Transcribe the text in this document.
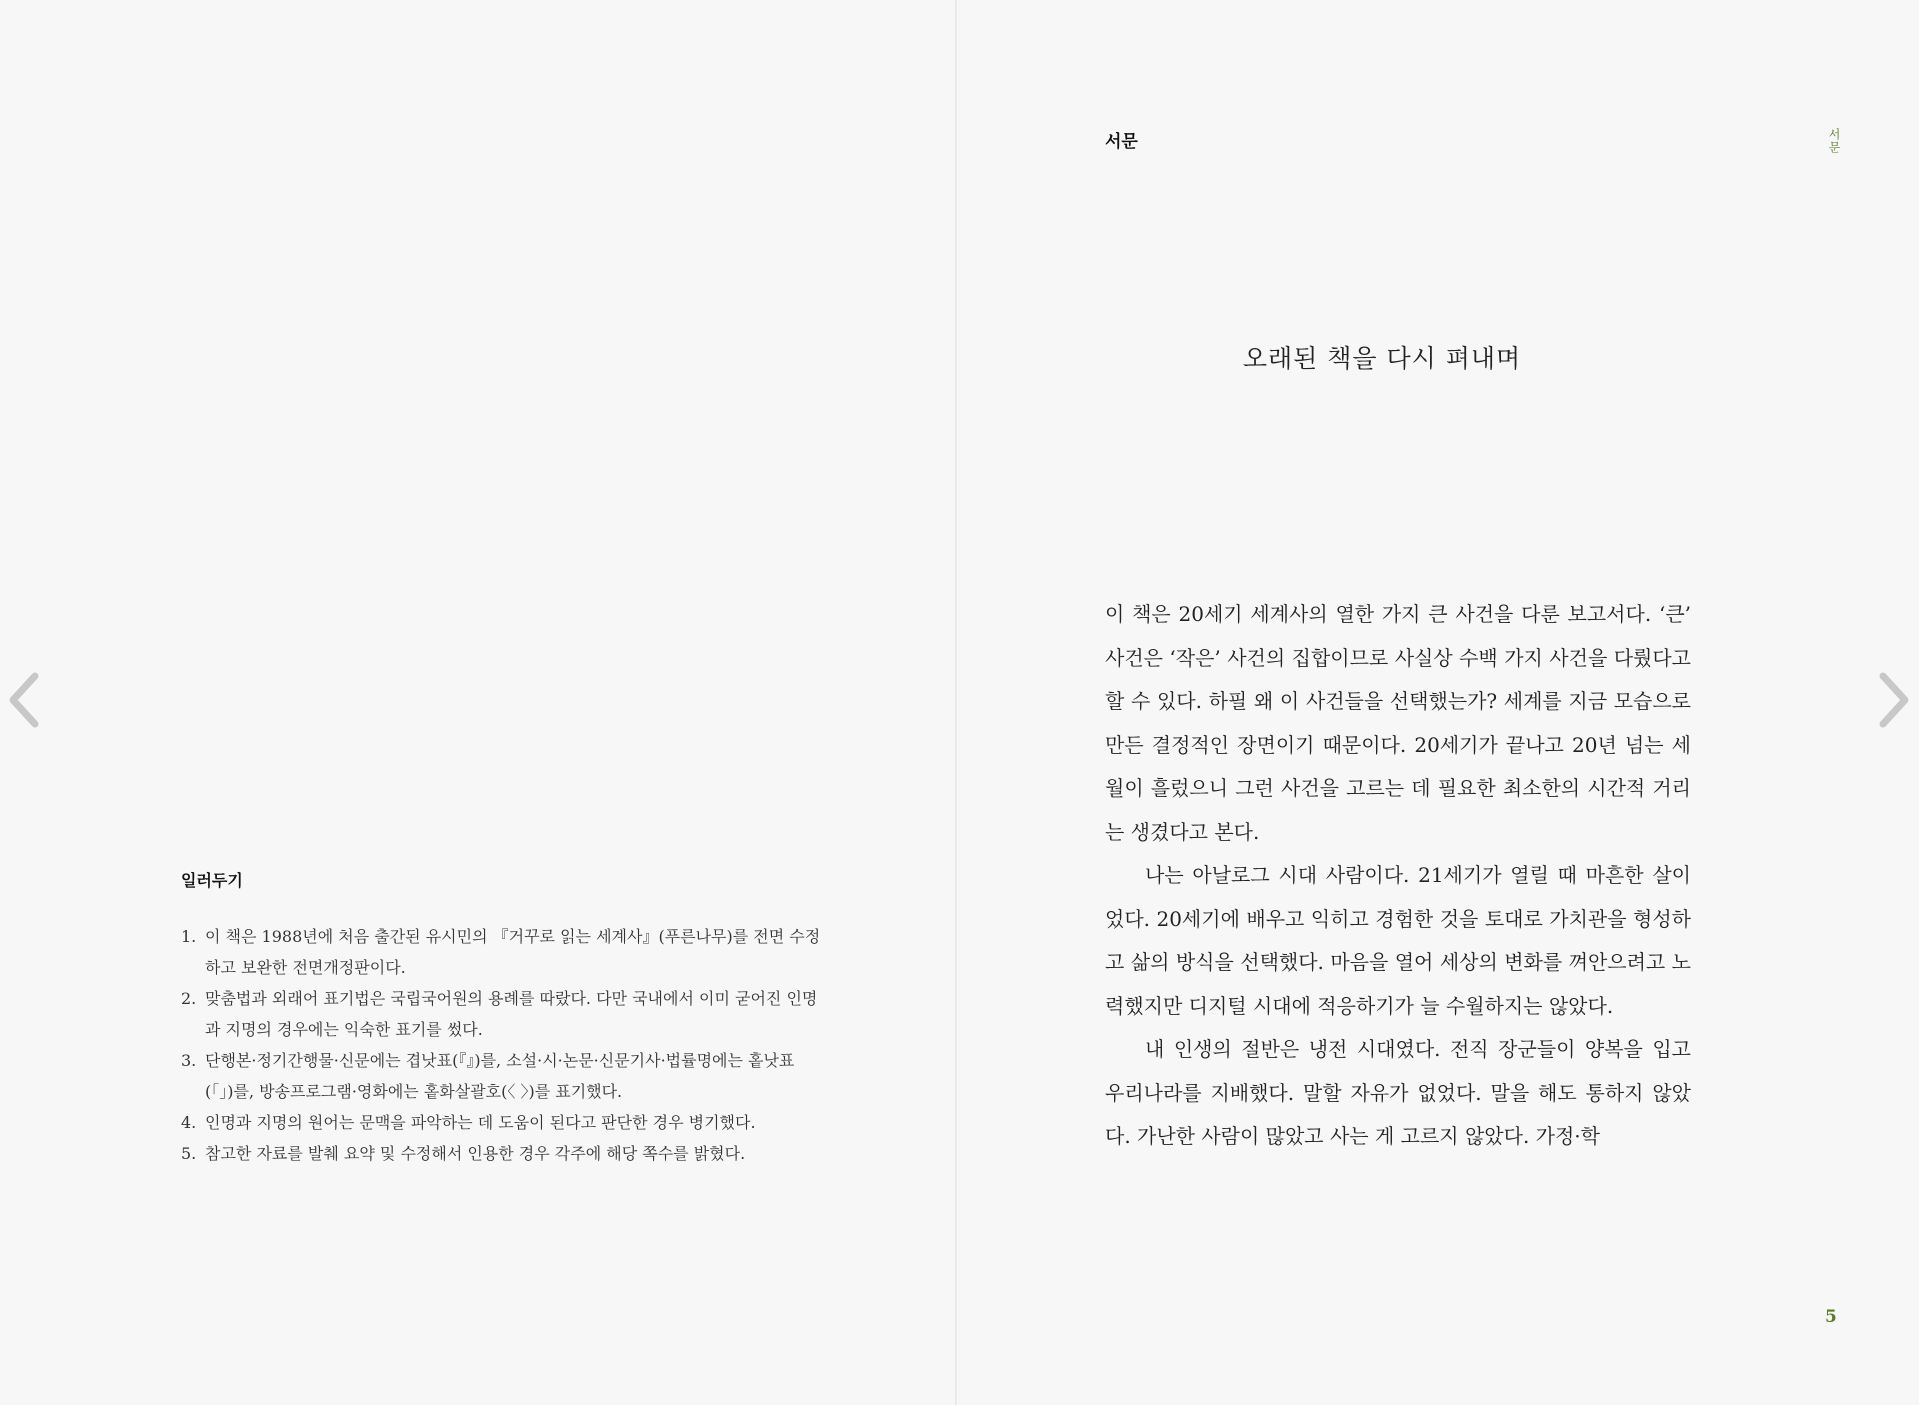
일러두기
1. 이 책은 1988년에 처음 출간된 유시민의 『거꾸로 읽는 세계사』(푸른나무)를 전면 수정하고 보완한 전면개정판이다.
2. 맞춤법과 외래어 표기법은 국립국어원의 용례를 따랐다. 다만 국내에서 이미 굳어진 인명과 지명의 경우에는 익숙한 표기를 썼다.
3. 단행본·정기간행물·신문에는 겹낫표(『』)를, 소설·시·논문·신문기사·법률명에는 홑낫표(「」)를, 방송프로그램·영화에는 홑화살괄호(〈 〉)를 표기했다.
4. 인명과 지명의 원어는 문맥을 파악하는 데 도움이 된다고 판단한 경우 병기했다.
5. 참고한 자료를 발췌 요약 및 수정해서 인용한 경우 각주에 해당 쪽수를 밝혔다.
서문	서문
오래된 책을 다시 펴내며

이 책은 20세기 세계사의 열한 가지 큰 사건을 다룬 보고서다. ‘큰’ 사건은 ‘작은’ 사건의 집합이므로 사실상 수백 가지 사건을 다뤘다고 할 수 있다. 하필 왜 이 사건들을 선택했는가? 세계를 지금 모습으로 만든 결정적인 장면이기 때문이다. 20세기가 끝나고 20년 넘는 세월이 흘렀으니 그런 사건을 고르는 데 필요한 최소한의 시간적 거리는 생겼다고 본다.

나는 아날로그 시대 사람이다. 21세기가 열릴 때 마흔한 살이었다. 20세기에 배우고 익히고 경험한 것을 토대로 가치관을 형성하고 삶의 방식을 선택했다. 마음을 열어 세상의 변화를 껴안으려고 노력했지만 디지털 시대에 적응하기가 늘 수월하지는 않았다.

내 인생의 절반은 냉전 시대였다. 전직 장군들이 양복을 입고 우리나라를 지배했다. 말할 자유가 없었다. 말을 해도 통하지 않았다. 가난한 사람이 많았고 사는 게 고르지 않았다. 가정·학

5
